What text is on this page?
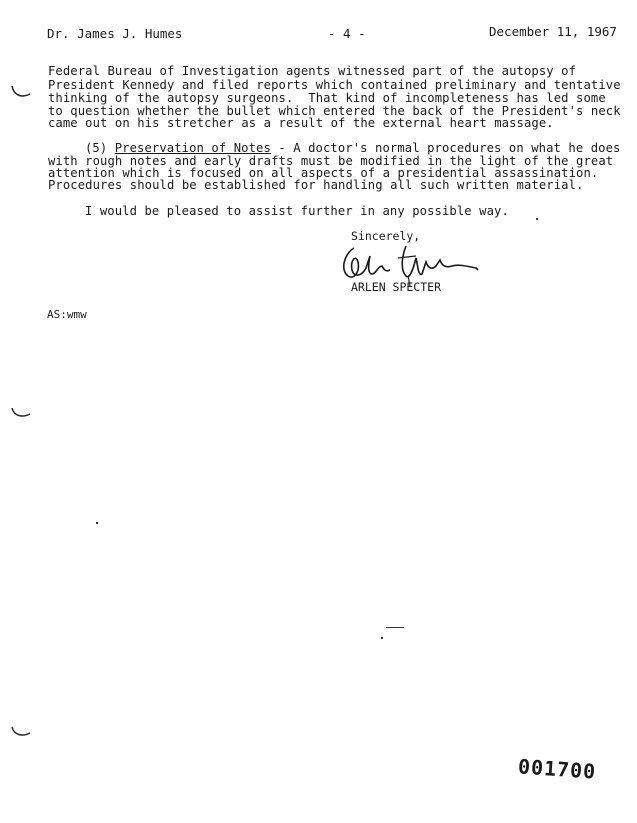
Dr. James J. Humes	- 4 -	December 11, 1967
Federal Bureau of Investigation agents witnessed part of the autopsy of
President Kennedy and filed reports which contained preliminary and tentative
thinking of the autopsy surgeons.  That kind of incompleteness has led some
to question whether the bullet which entered the back of the President's neck
came out on his stretcher as a result of the external heart massage.
(5) Preservation of Notes - A doctor's normal procedures on what he does
with rough notes and early drafts must be modified in the light of the great
attention which is focused on all aspects of a presidential assassination.
Procedures should be established for handling all such written material.
I would be pleased to assist further in any possible way.
Sincerely,
ARLEN SPECTER
AS:wmw
001700
